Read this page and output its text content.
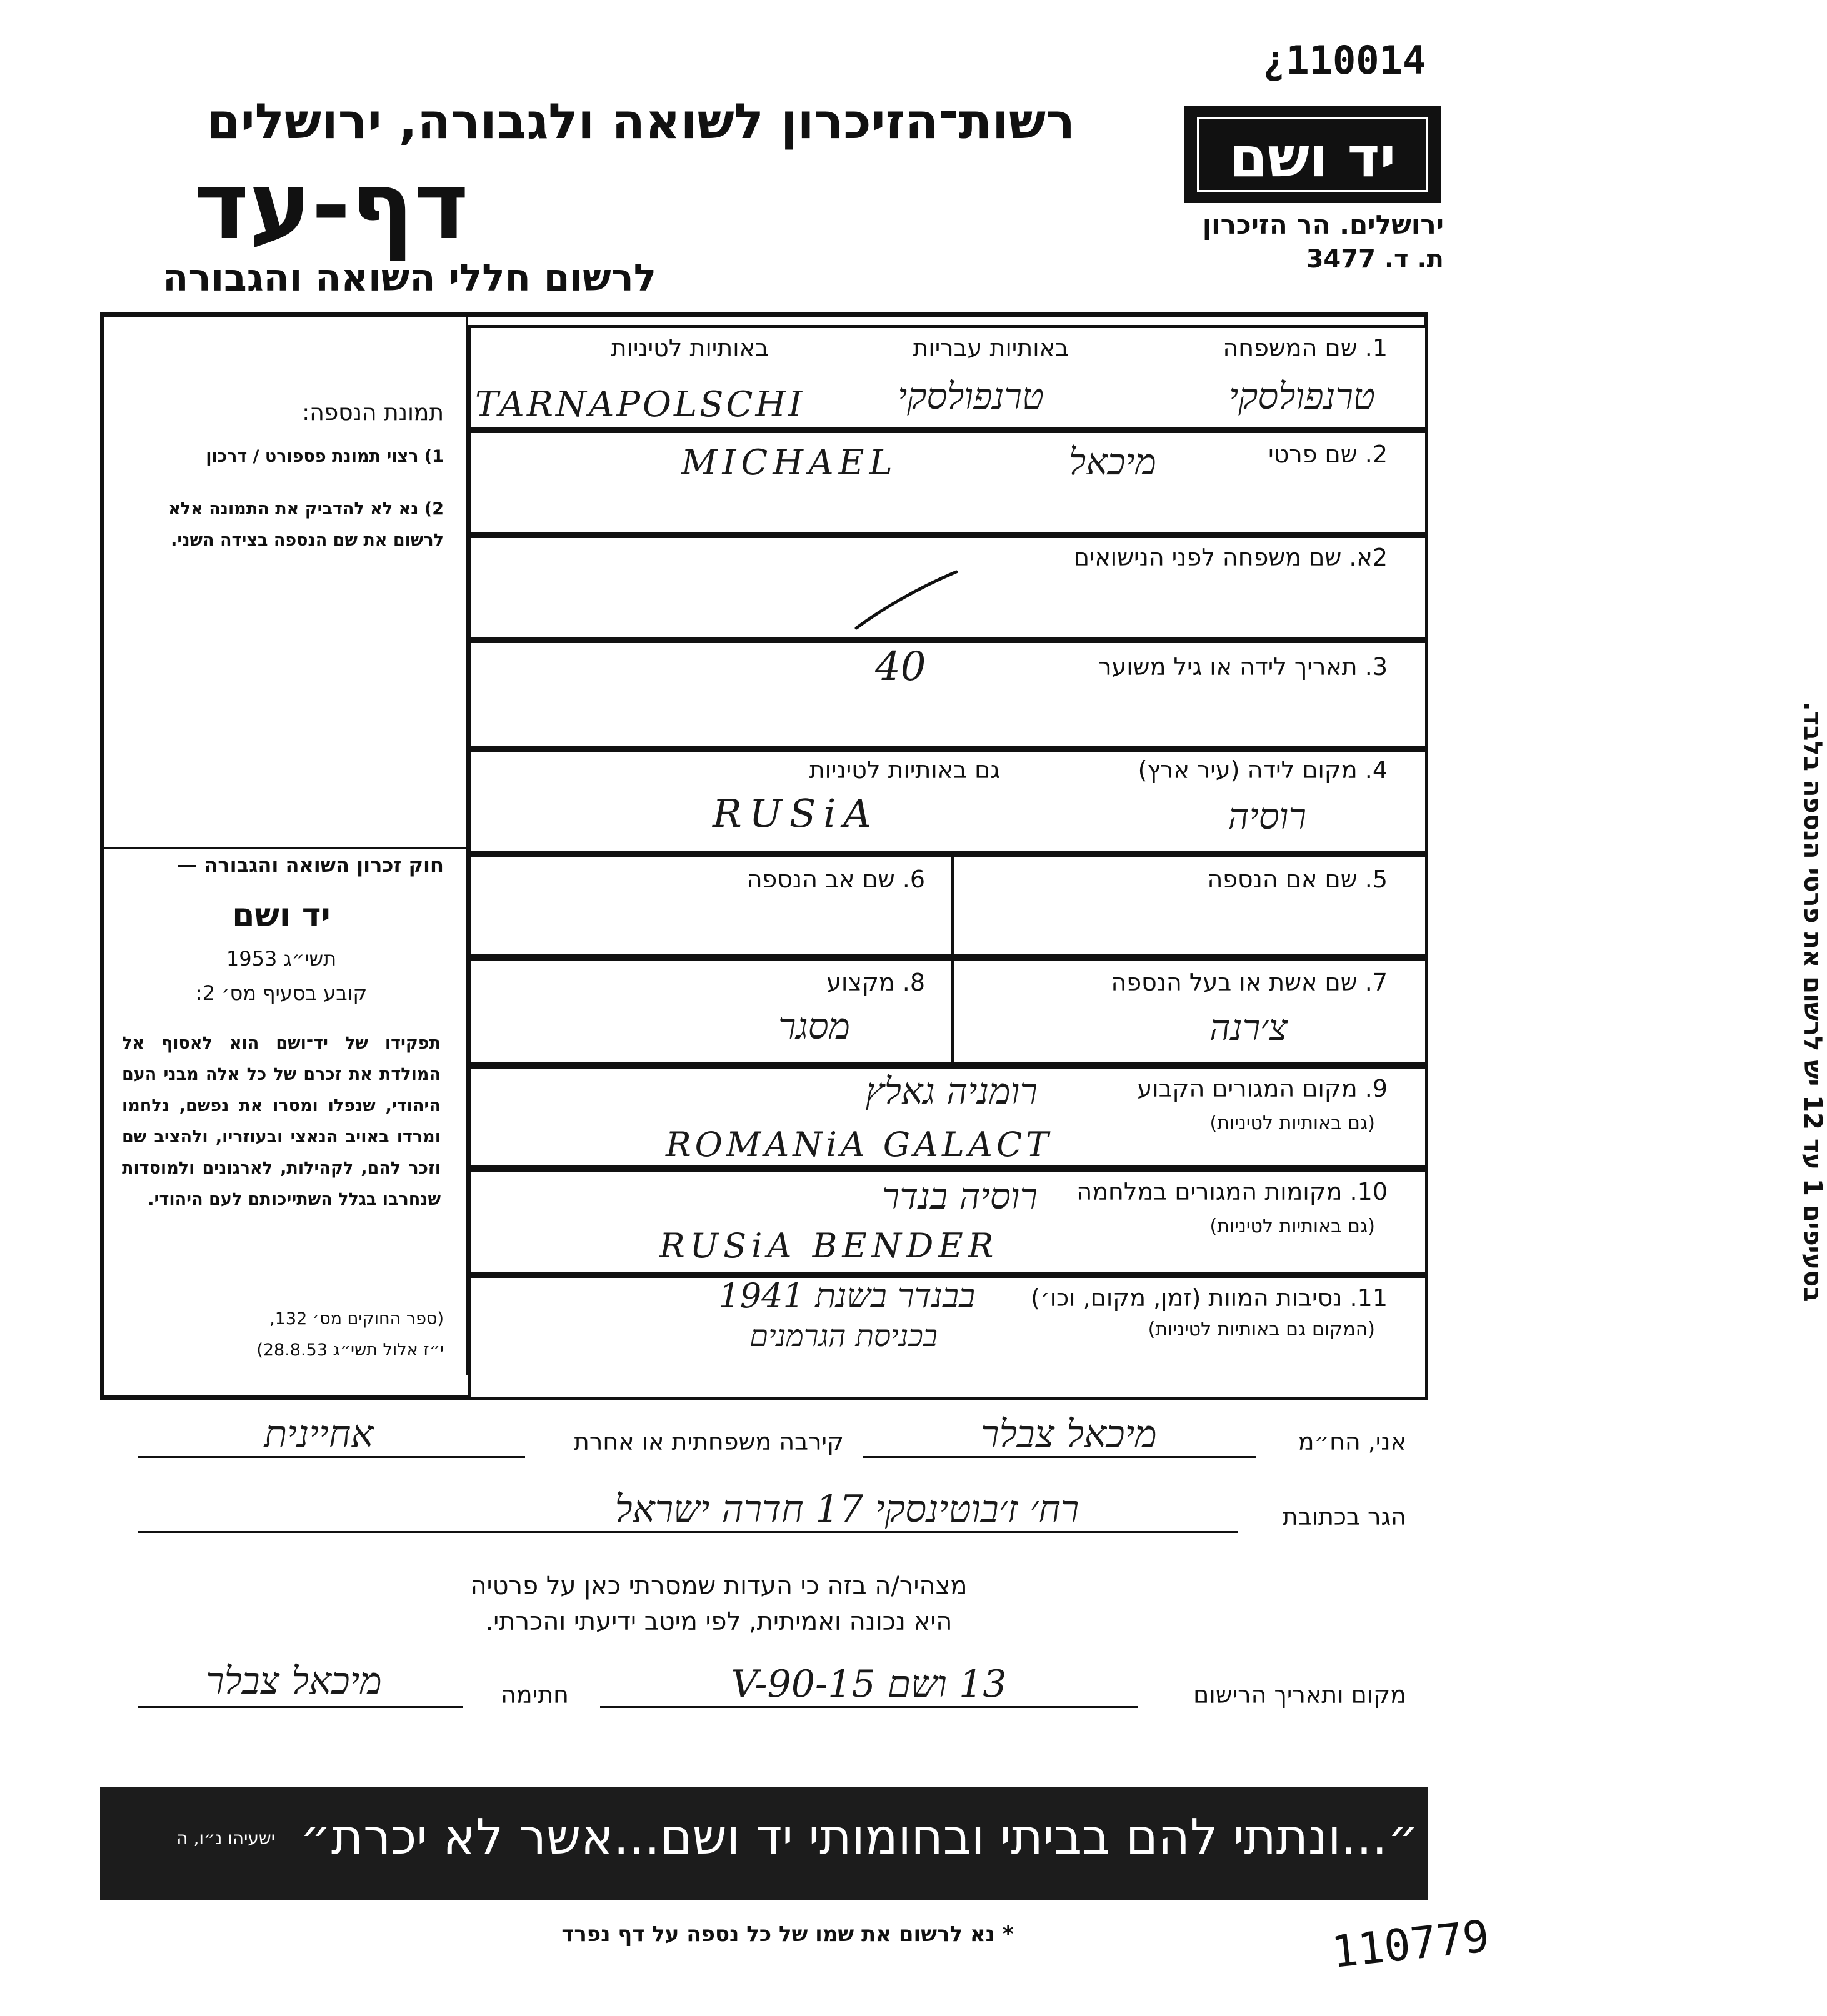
¿110014
רשות־הזיכרון לשואה ולגבורה, ירושלים
דף-עד
לרשום חללי השואה והגבורה
יד ושם
ירושלים. הר הזיכרון
ת. ד. 3477
תמונת הנספה:
1) רצוי תמונת פספורט / דרכון
2) נא לא להדביק את התמונה אלא לרשום את שם הנספה בצידה השני.
חוק זכרון השואה והגבורה —
יד ושם
תשי״ג 1953
קובע בסעיף מס׳ 2:
תפקידו של יד־ושם הוא לאסוף אל המולדת את זכרם של כל אלה מבני העם היהודי, שנפלו ומסרו את נפשם, נלחמו ומרדו באויב הנאצי ובעוזריו, ולהציב שם וזכר להם, לקהילות, לארגונים ולמוסדות שנחרבו בגלל השתייכותם לעם היהודי.
(ספר החוקים מס׳ 132,
י״ז אלול תשי״ג 28.8.53)
1. שם המשפחה
באותיות עבריות
באותיות לטיניות
טרנפולסקי
טרנפולסקי
TARNAPOLSCHI
2. שם פרטי
מיכאל
MICHAEL
2א. שם משפחה לפני הנישואים
3. תאריך לידה או גיל משוער
40
4. מקום לידה (עיר ארץ)
גם באותיות לטיניות
רוסיה
RUSiA
5. שם אם הנספה
6. שם אב הנספה
7. שם אשת או בעל הנספה
צ׳רנה
8. מקצוע
מסגר
9. מקום המגורים הקבוע
(גם באותיות לטיניות)
רומניה גאלץ
ROMANiA GALACT
10. מקומות המגורים במלחמה
(גם באותיות לטיניות)
רוסיה בנדר
RUSiA BENDER
11. נסיבות המוות (זמן, מקום, וכו׳)
(המקום גם באותיות לטיניות)
בבנדר בשנת 1941
בכניסת הגרמנים
בסעיפים 1 עד 12 יש לרשום את פרטי הנספה בלבד.
אני, הח״מ
מיכאל צבלר
קירבה משפחתית או אחרת
אחיינית
הגר בכתובת
רח׳ ז׳בוטינסקי 17 חדרה ישראל
מצהיר/ה בזה כי העדות שמסרתי כאן על פרטיה
היא נכונה ואמיתית, לפי מיטב ידיעתי והכרתי.
מקום ותאריך הרישום
13 ושם 15-V-90
חתימה
מיכאל צבלר
״...ונתתי להם בביתי ובחומותי יד ושם...אשר לא יכרת״
ישעיהו נ״ו, ה
* נא לרשום את שמו של כל נספה על דף נפרד	110779
